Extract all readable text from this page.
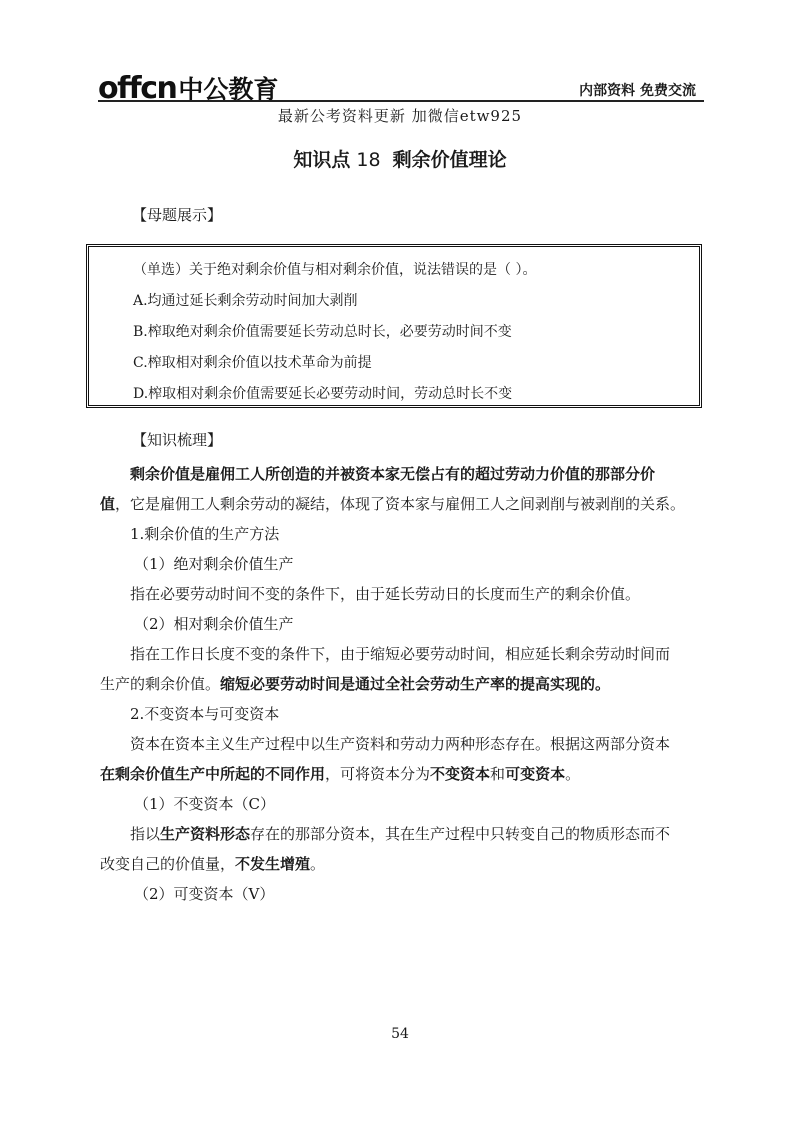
offcn 中公教育	内部资料 免费交流
最新公考资料更新 加微信etw925
知识点 18 剩余价值理论
【母题展示】
（单选）关于绝对剩余价值与相对剩余价值，说法错误的是（ ）。
A.均通过延长剩余劳动时间加大剥削
B.榨取绝对剩余价值需要延长劳动总时长，必要劳动时间不变
C.榨取相对剩余价值以技术革命为前提
D.榨取相对剩余价值需要延长必要劳动时间，劳动总时长不变
【知识梳理】

剩余价值是雇佣工人所创造的并被资本家无偿占有的超过劳动力价值的那部分价

值，它是雇佣工人剩余劳动的凝结，体现了资本家与雇佣工人之间剥削与被剥削的关系。

1.剩余价值的生产方法

（1）绝对剩余价值生产

指在必要劳动时间不变的条件下，由于延长劳动日的长度而生产的剩余价值。

（2）相对剩余价值生产

指在工作日长度不变的条件下，由于缩短必要劳动时间，相应延长剩余劳动时间而

生产的剩余价值。缩短必要劳动时间是通过全社会劳动生产率的提高实现的。

2.不变资本与可变资本

资本在资本主义生产过程中以生产资料和劳动力两种形态存在。根据这两部分资本

在剩余价值生产中所起的不同作用，可将资本分为不变资本和可变资本。

（1）不变资本（C）

指以生产资料形态存在的那部分资本，其在生产过程中只转变自己的物质形态而不

改变自己的价值量，不发生增殖。

（2）可变资本（V）

54
